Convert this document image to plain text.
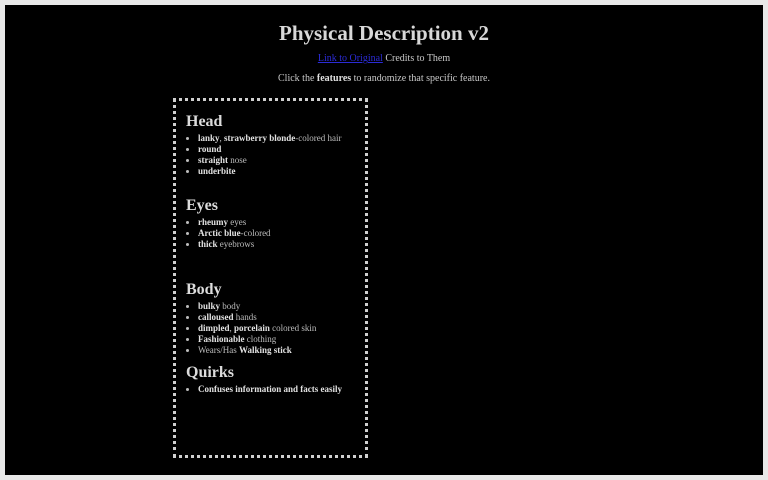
Physical Description v2
Link to Original Credits to Them
Click the features to randomize that specific feature.
Head
• lanky, strawberry blonde-colored hair
• round
• straight nose
• underbite
Eyes
• rheumy eyes
• Arctic blue-colored
• thick eyebrows
Body
• bulky body
• calloused hands
• dimpled, porcelain colored skin
• Fashionable clothing
• Wears/Has Walking stick
Quirks
• Confuses information and facts easily
